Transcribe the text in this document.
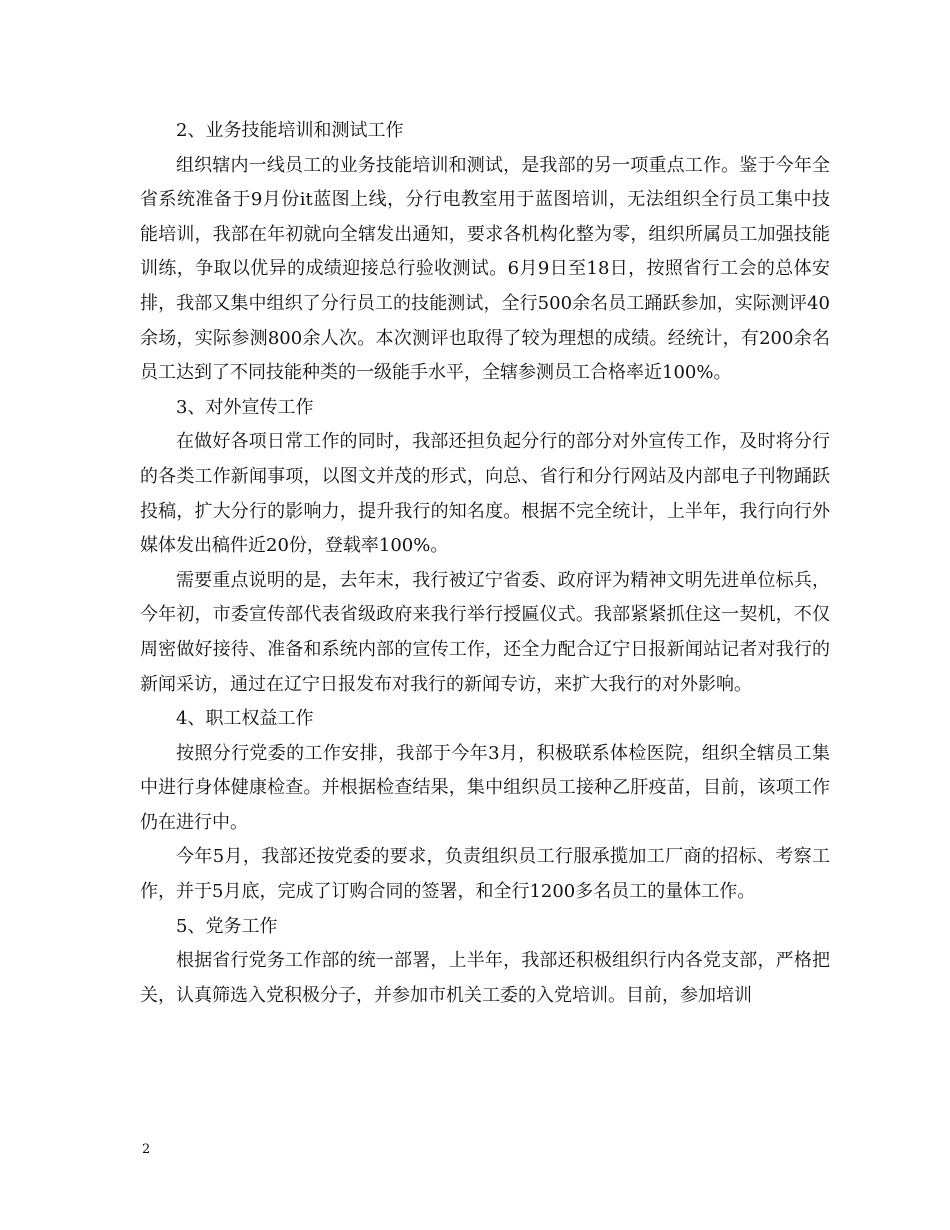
2、业务技能培训和测试工作

组织辖内一线员工的业务技能培训和测试，是我部的另一项重点工作。鉴于今年全省系统准备于9月份it蓝图上线，分行电教室用于蓝图培训，无法组织全行员工集中技能培训，我部在年初就向全辖发出通知，要求各机构化整为零，组织所属员工加强技能训练，争取以优异的成绩迎接总行验收测试。6月9日至18日，按照省行工会的总体安排，我部又集中组织了分行员工的技能测试，全行500余名员工踊跃参加，实际测评40余场，实际参测800余人次。本次测评也取得了较为理想的成绩。经统计，有200余名员工达到了不同技能种类的一级能手水平，全辖参测员工合格率近100%。

3、对外宣传工作

在做好各项日常工作的同时，我部还担负起分行的部分对外宣传工作，及时将分行的各类工作新闻事项，以图文并茂的形式，向总、省行和分行网站及内部电子刊物踊跃投稿，扩大分行的影响力，提升我行的知名度。根据不完全统计，上半年，我行向行外媒体发出稿件近20份，登载率100%。

需要重点说明的是，去年末，我行被辽宁省委、政府评为精神文明先进单位标兵，今年初，市委宣传部代表省级政府来我行举行授匾仪式。我部紧紧抓住这一契机，不仅周密做好接待、准备和系统内部的宣传工作，还全力配合辽宁日报新闻站记者对我行的新闻采访，通过在辽宁日报发布对我行的新闻专访，来扩大我行的对外影响。

4、职工权益工作

按照分行党委的工作安排，我部于今年3月，积极联系体检医院，组织全辖员工集中进行身体健康检查。并根据检查结果，集中组织员工接种乙肝疫苗，目前，该项工作仍在进行中。

今年5月，我部还按党委的要求，负责组织员工行服承揽加工厂商的招标、考察工作，并于5月底，完成了订购合同的签署，和全行1200多名员工的量体工作。

5、党务工作

根据省行党务工作部的统一部署，上半年，我部还积极组织行内各党支部，严格把关，认真筛选入党积极分子，并参加市机关工委的入党培训。目前，参加培训

2
